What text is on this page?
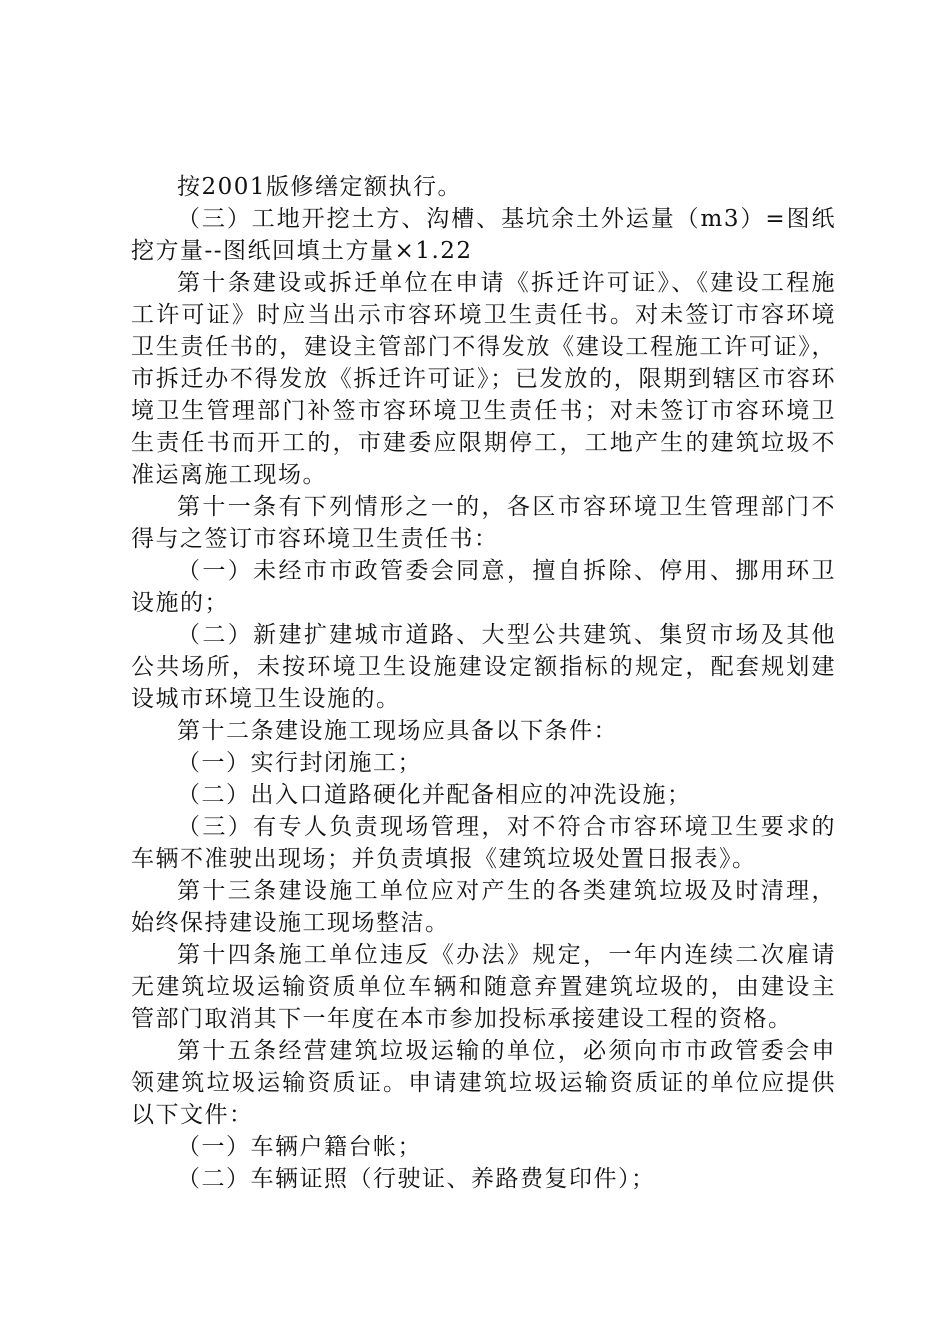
按2001版修缮定额执行。

（三）工地开挖土方、沟槽、基坑余土外运量（m3）=图纸挖方量--图纸回填土方量×1.22

第十条建设或拆迁单位在申请《拆迁许可证》、《建设工程施工许可证》时应当出示市容环境卫生责任书。对未签订市容环境卫生责任书的，建设主管部门不得发放《建设工程施工许可证》，市拆迁办不得发放《拆迁许可证》；已发放的，限期到辖区市容环境卫生管理部门补签市容环境卫生责任书；对未签订市容环境卫生责任书而开工的，市建委应限期停工，工地产生的建筑垃圾不准运离施工现场。

第十一条有下列情形之一的，各区市容环境卫生管理部门不得与之签订市容环境卫生责任书：

（一）未经市市政管委会同意，擅自拆除、停用、挪用环卫设施的；

（二）新建扩建城市道路、大型公共建筑、集贸市场及其他公共场所，未按环境卫生设施建设定额指标的规定，配套规划建设城市环境卫生设施的。

第十二条建设施工现场应具备以下条件：

（一）实行封闭施工；

（二）出入口道路硬化并配备相应的冲洗设施；

（三）有专人负责现场管理，对不符合市容环境卫生要求的车辆不准驶出现场；并负责填报《建筑垃圾处置日报表》。

第十三条建设施工单位应对产生的各类建筑垃圾及时清理，始终保持建设施工现场整洁。

第十四条施工单位违反《办法》规定，一年内连续二次雇请无建筑垃圾运输资质单位车辆和随意弃置建筑垃圾的，由建设主管部门取消其下一年度在本市参加投标承接建设工程的资格。

第十五条经营建筑垃圾运输的单位，必须向市市政管委会申领建筑垃圾运输资质证。申请建筑垃圾运输资质证的单位应提供以下文件：

（一）车辆户籍台帐；

（二）车辆证照（行驶证、养路费复印件）；
